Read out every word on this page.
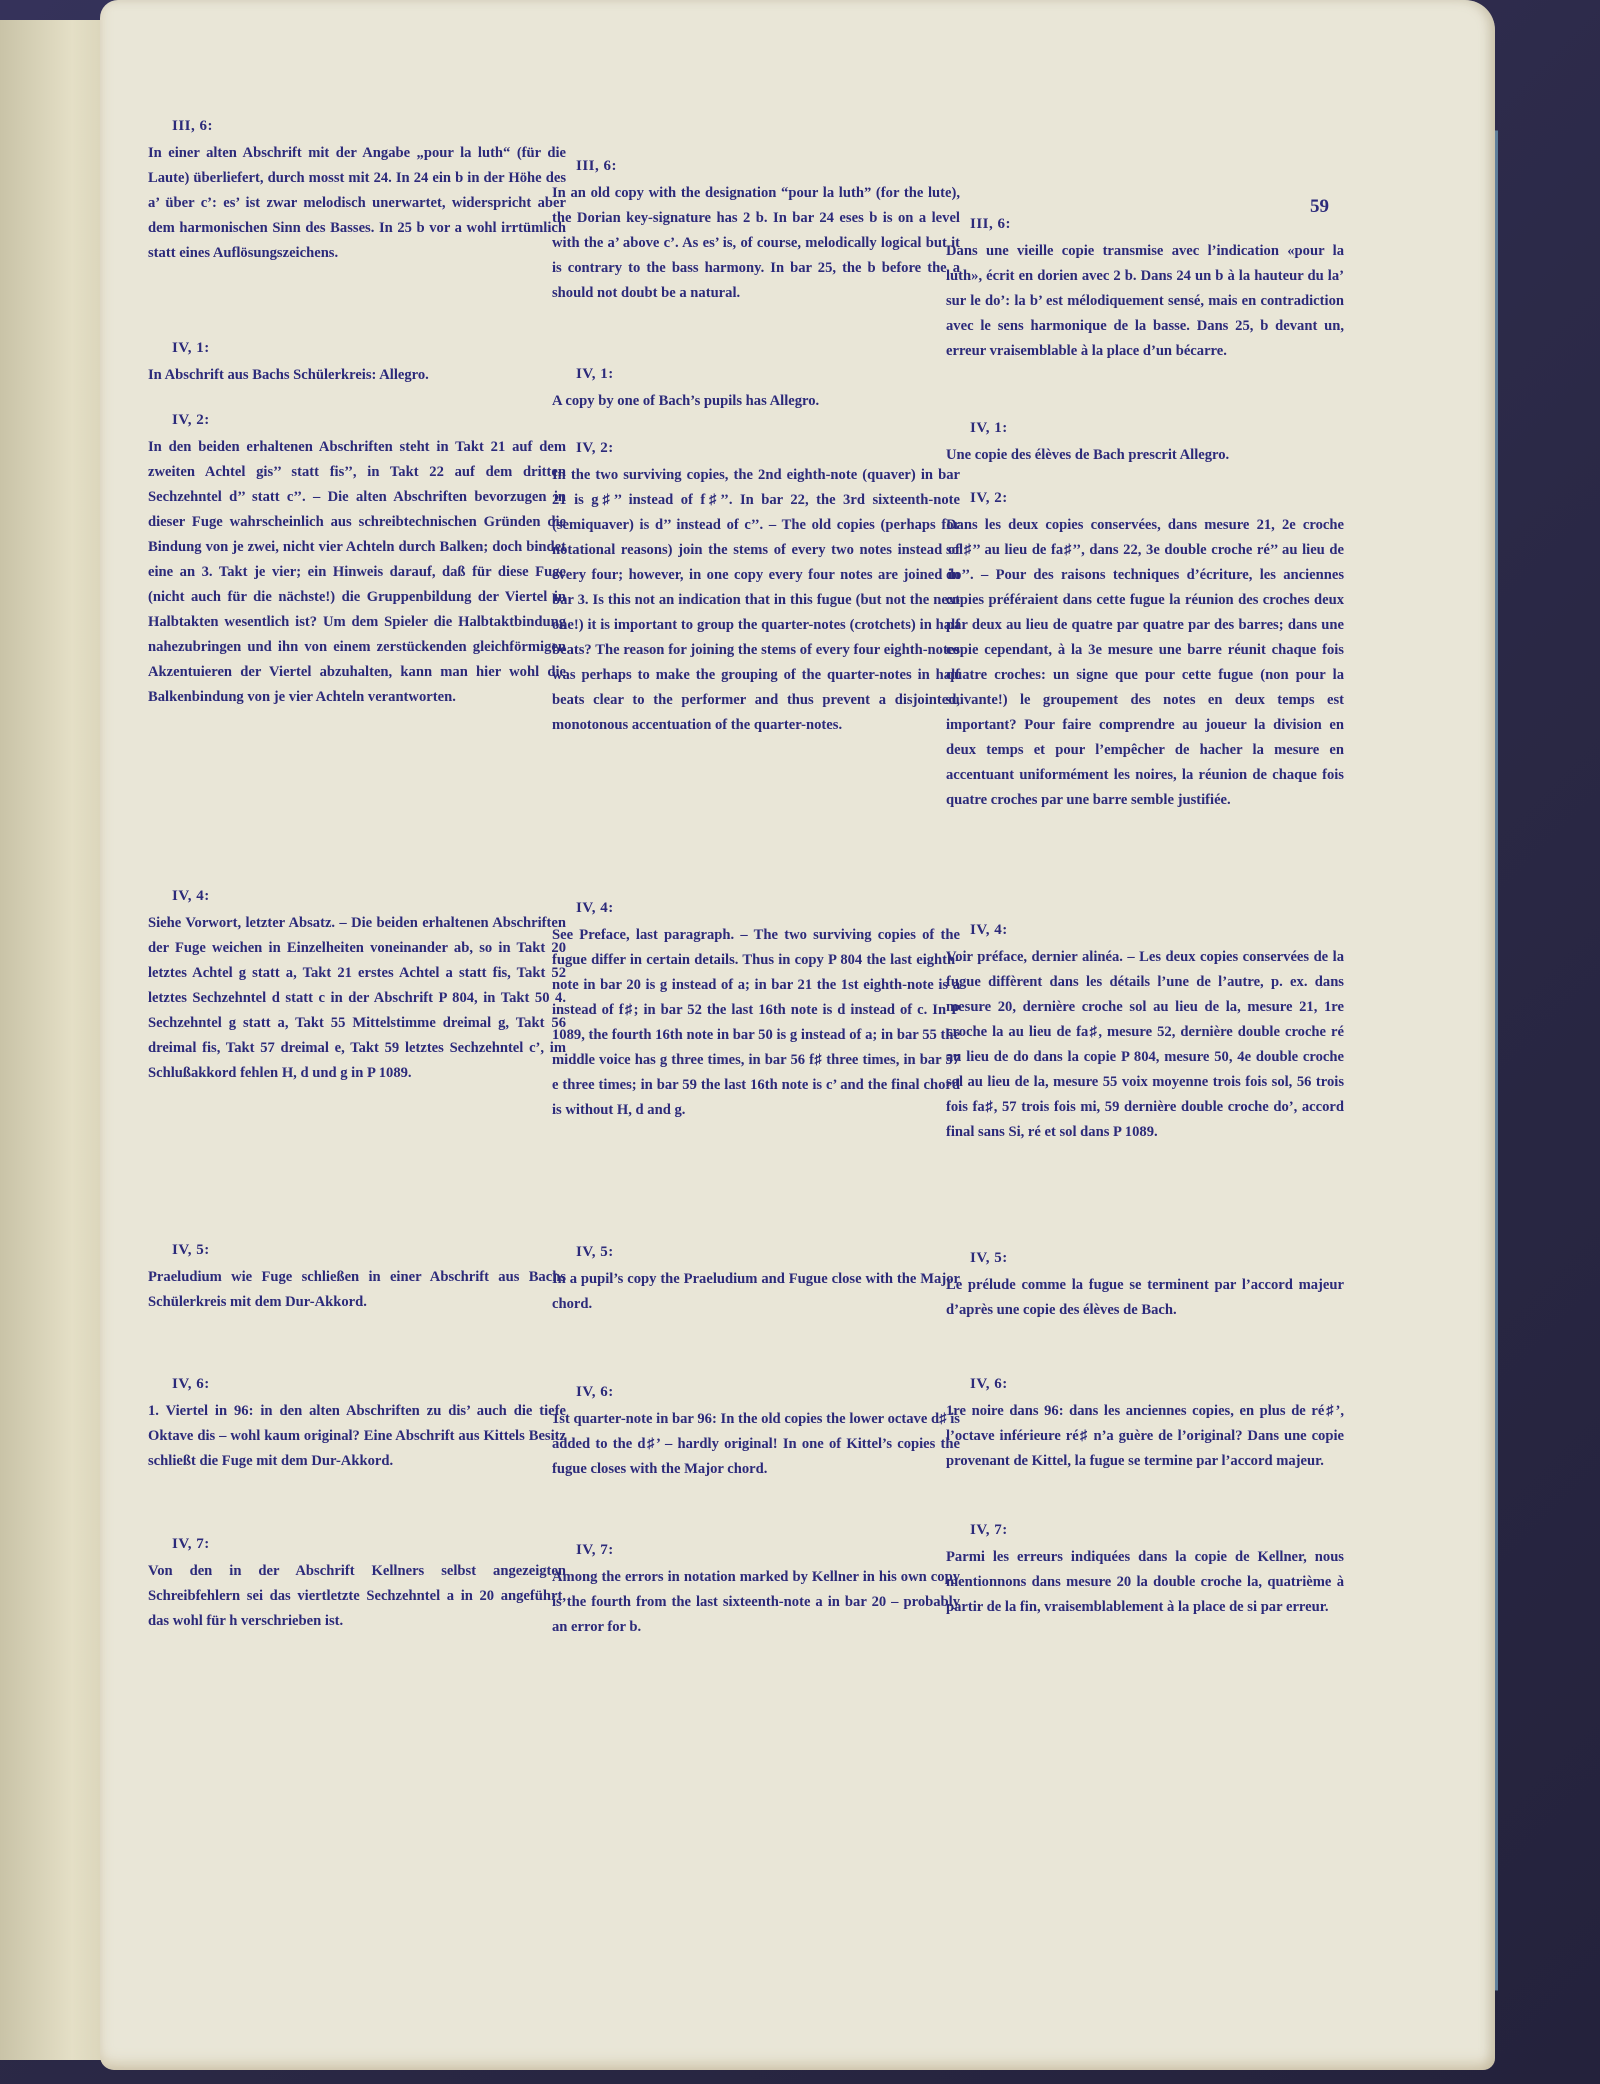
59

III, 6:

In einer alten Abschrift mit der Angabe „pour la luth“ (für die Laute) überliefert, durch mosst mit 24. In 24 ein b in der Höhe des a’ über c’: es’ ist zwar melodisch unerwartet, widerspricht aber dem harmonischen Sinn des Basses. In 25 b vor a wohl irrtümlich statt eines Auflösungszeichens.

IV, 1:

In Abschrift aus Bachs Schülerkreis: Allegro.

IV, 2:

In den beiden erhaltenen Abschriften steht in Takt 21 auf dem zweiten Achtel gis’’ statt fis’’, in Takt 22 auf dem dritten Sechzehntel d’’ statt c’’. – Die alten Abschriften bevorzugen in dieser Fuge wahrscheinlich aus schreibtechnischen Gründen die Bindung von je zwei, nicht vier Achteln durch Balken; doch bindet eine an 3. Takt je vier; ein Hinweis darauf, daß für diese Fuge (nicht auch für die nächste!) die Gruppenbildung der Viertel in Halbtakten wesentlich ist? Um dem Spieler die Halbtaktbindung nahezubringen und ihn von einem zerstückenden gleichförmigen Akzentuieren der Viertel abzuhalten, kann man hier wohl die Balkenbindung von je vier Achteln verantworten.

IV, 4:

Siehe Vorwort, letzter Absatz. – Die beiden erhaltenen Abschriften der Fuge weichen in Einzelheiten voneinander ab, so in Takt 20 letztes Achtel g statt a, Takt 21 erstes Achtel a statt fis, Takt 52 letztes Sechzehntel d statt c in der Abschrift P 804, in Takt 50 4. Sechzehntel g statt a, Takt 55 Mittelstimme dreimal g, Takt 56 dreimal fis, Takt 57 dreimal e, Takt 59 letztes Sechzehntel c’, im Schlußakkord fehlen H, d und g in P 1089.

IV, 5:

Praeludium wie Fuge schließen in einer Abschrift aus Bachs Schülerkreis mit dem Dur-Akkord.

IV, 6:

1. Viertel in 96: in den alten Abschriften zu dis’ auch die tiefe Oktave dis – wohl kaum original? Eine Abschrift aus Kittels Besitz schließt die Fuge mit dem Dur-Akkord.

IV, 7:

Von den in der Abschrift Kellners selbst angezeigten Schreibfehlern sei das viertletzte Sechzehntel a in 20 angeführt, das wohl für h verschrieben ist.

III, 6:

In an old copy with the designation “pour la luth” (for the lute), the Dorian key-signature has 2 b. In bar 24 eses b is on a level with the a’ above c’. As es’ is, of course, melodically logical but it is contrary to the bass harmony. In bar 25, the b before the a should not doubt be a natural.

IV, 1:

A copy by one of Bach’s pupils has Allegro.

IV, 2:

In the two surviving copies, the 2nd eighth-note (quaver) in bar 21 is g♯’’ instead of f♯’’. In bar 22, the 3rd sixteenth-note (semiquaver) is d’’ instead of c’’. – The old copies (perhaps for notational reasons) join the stems of every two notes instead of every four; however, in one copy every four notes are joined in bar 3. Is this not an indication that in this fugue (but not the next one!) it is important to group the quarter-notes (crotchets) in half beats? The reason for joining the stems of every four eighth-notes was perhaps to make the grouping of the quarter-notes in half beats clear to the performer and thus prevent a disjointed, monotonous accentuation of the quarter-notes.

IV, 4:

See Preface, last paragraph. – The two surviving copies of the fugue differ in certain details. Thus in copy P 804 the last eighth-note in bar 20 is g instead of a; in bar 21 the 1st eighth-note is a instead of f♯; in bar 52 the last 16th note is d instead of c. In P 1089, the fourth 16th note in bar 50 is g instead of a; in bar 55 the middle voice has g three times, in bar 56 f♯ three times, in bar 57 e three times; in bar 59 the last 16th note is c’ and the final chord is without H, d and g.

IV, 5:

In a pupil’s copy the Praeludium and Fugue close with the Major chord.

IV, 6:

1st quarter-note in bar 96: In the old copies the lower octave d♯ is added to the d♯’ – hardly original! In one of Kittel’s copies the fugue closes with the Major chord.

IV, 7:

Among the errors in notation marked by Kellner in his own copy is the fourth from the last sixteenth-note a in bar 20 – probably an error for b.

III, 6:

Dans une vieille copie transmise avec l’indication «pour la luth», écrit en dorien avec 2 b. Dans 24 un b à la hauteur du la’ sur le do’: la b’ est mélodiquement sensé, mais en contradiction avec le sens harmonique de la basse. Dans 25, b devant un, erreur vraisemblable à la place d’un bécarre.

IV, 1:

Une copie des élèves de Bach prescrit Allegro.

IV, 2:

Dans les deux copies conservées, dans mesure 21, 2e croche sol♯’’ au lieu de fa♯’’, dans 22, 3e double croche ré’’ au lieu de do’’. – Pour des raisons techniques d’écriture, les anciennes copies préféraient dans cette fugue la réunion des croches deux par deux au lieu de quatre par quatre par des barres; dans une copie cependant, à la 3e mesure une barre réunit chaque fois quatre croches: un signe que pour cette fugue (non pour la suivante!) le groupement des notes en deux temps est important? Pour faire comprendre au joueur la division en deux temps et pour l’empêcher de hacher la mesure en accentuant uniformément les noires, la réunion de chaque fois quatre croches par une barre semble justifiée.

IV, 4:

Voir préface, dernier alinéa. – Les deux copies conservées de la fugue diffèrent dans les détails l’une de l’autre, p. ex. dans mesure 20, dernière croche sol au lieu de la, mesure 21, 1re croche la au lieu de fa♯, mesure 52, dernière double croche ré au lieu de do dans la copie P 804, mesure 50, 4e double croche sol au lieu de la, mesure 55 voix moyenne trois fois sol, 56 trois fois fa♯, 57 trois fois mi, 59 dernière double croche do’, accord final sans Si, ré et sol dans P 1089.

IV, 5:

Le prélude comme la fugue se terminent par l’accord majeur d’après une copie des élèves de Bach.

IV, 6:

1re noire dans 96: dans les anciennes copies, en plus de ré♯’, l’octave inférieure ré♯ n’a guère de l’original? Dans une copie provenant de Kittel, la fugue se termine par l’accord majeur.

IV, 7:

Parmi les erreurs indiquées dans la copie de Kellner, nous mentionnons dans mesure 20 la double croche la, quatrième à partir de la fin, vraisemblablement à la place de si par erreur.
